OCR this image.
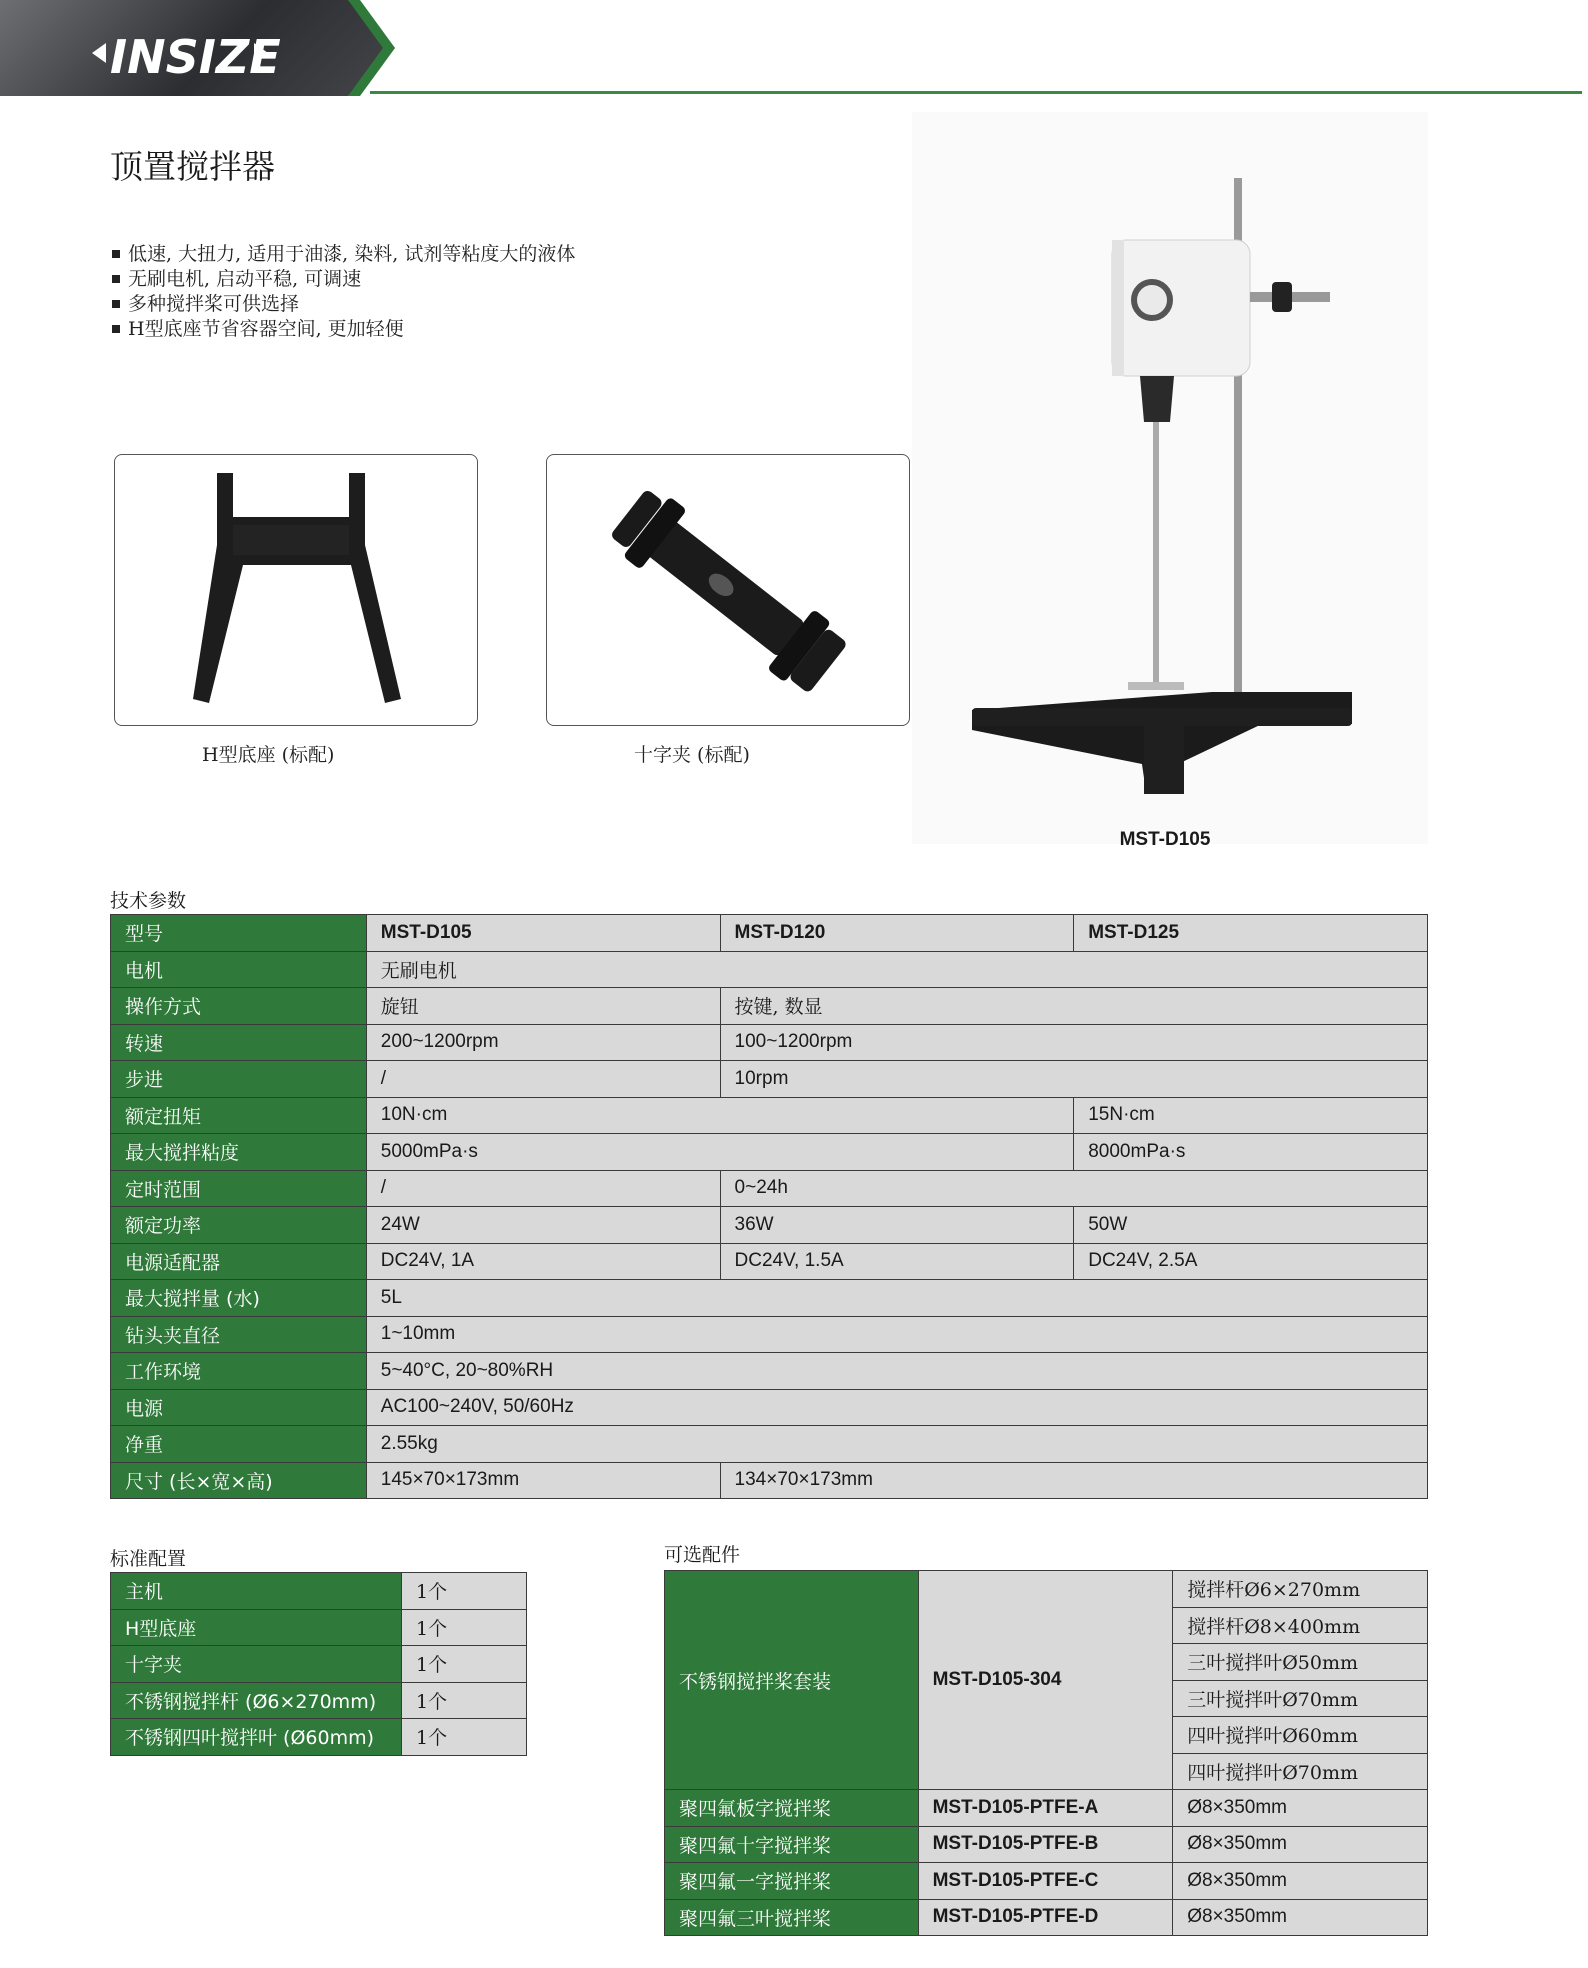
INSIZE
顶置搅拌器
低速, 大扭力, 适用于油漆, 染料, 试剂等粘度大的液体
无刷电机, 启动平稳, 可调速
多种搅拌桨可供选择
H型底座节省容器空间, 更加轻便
H型底座 (标配)	十字夹 (标配)
MST-D105
技术参数
型号	MST-D105	MST-D120	MST-D125
电机	无刷电机		
操作方式	旋钮	按键, 数显	
转速	200~1200rpm	100~1200rpm	
步进	/	10rpm	
额定扭矩	10N·cm		15N·cm
最大搅拌粘度	5000mPa·s		8000mPa·s
定时范围	/	0~24h	
额定功率	24W	36W	50W
电源适配器	DC24V, 1A	DC24V, 1.5A	DC24V, 2.5A
最大搅拌量 (水)	5L		
钻头夹直径	1~10mm		
工作环境	5~40°C, 20~80%RH		
电源	AC100~240V, 50/60Hz		
净重	2.55kg		
尺寸 (长×宽×高)	145×70×173mm	134×70×173mm	
标准配置
主机	1个
H型底座	1个
十字夹	1个
不锈钢搅拌杆 (Ø6×270mm)	1个
不锈钢四叶搅拌叶 (Ø60mm)	1个
可选配件
不锈钢搅拌桨套装	MST-D105-304	搅拌杆Ø6×270mm
		搅拌杆Ø8×400mm
		三叶搅拌叶Ø50mm
		三叶搅拌叶Ø70mm
		四叶搅拌叶Ø60mm
		四叶搅拌叶Ø70mm
聚四氟板字搅拌桨	MST-D105-PTFE-A	Ø8×350mm
聚四氟十字搅拌桨	MST-D105-PTFE-B	Ø8×350mm
聚四氟一字搅拌桨	MST-D105-PTFE-C	Ø8×350mm
聚四氟三叶搅拌桨	MST-D105-PTFE-D	Ø8×350mm
